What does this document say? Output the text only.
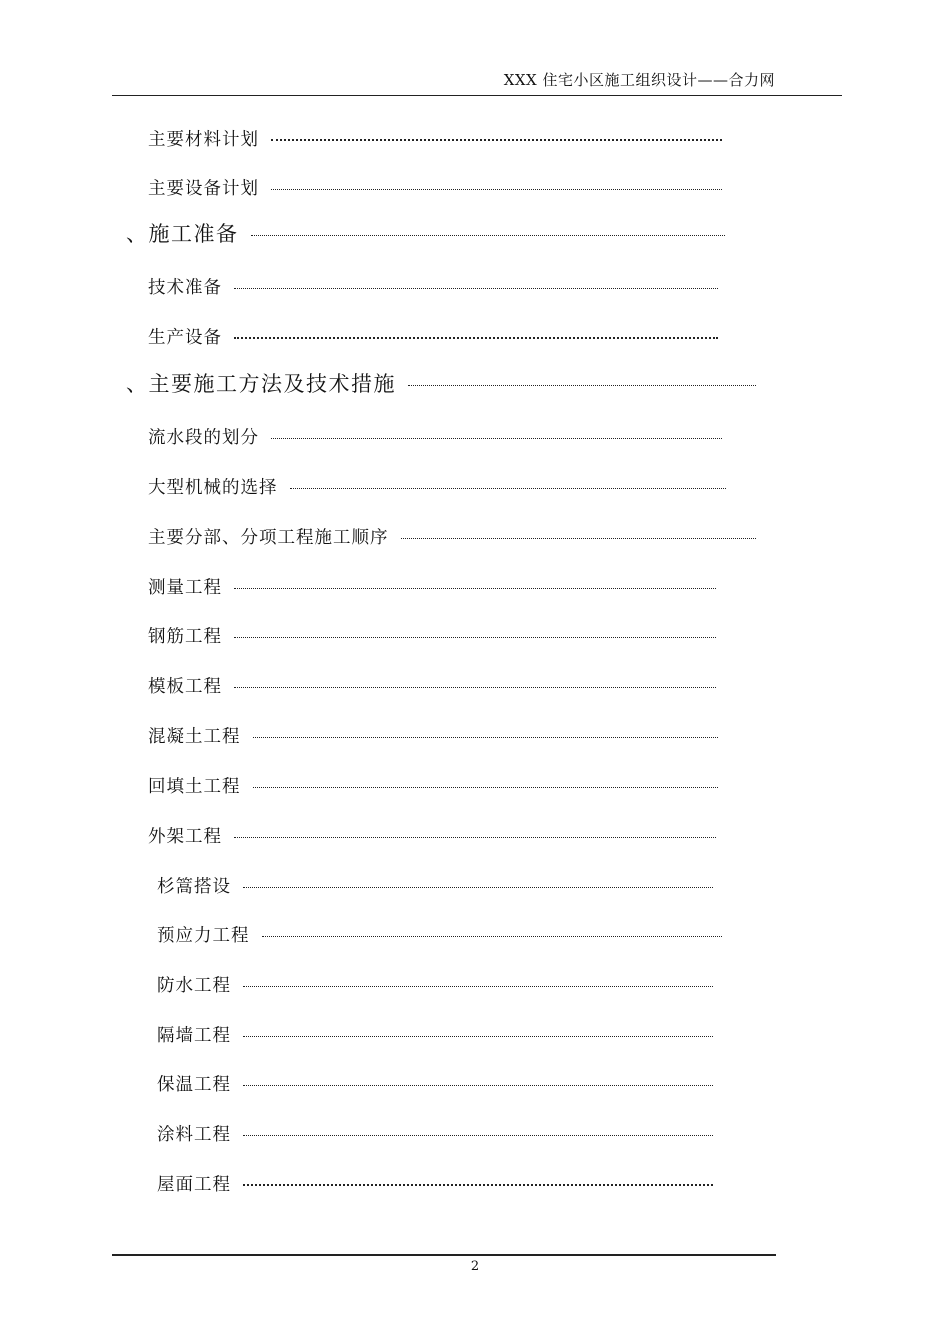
XXX 住宅小区施工组织设计——合力网
主要材料计划
主要设备计划
、施工准备
技术准备
生产设备
、主要施工方法及技术措施
流水段的划分
大型机械的选择
主要分部、分项工程施工顺序
测量工程
钢筋工程
模板工程
混凝土工程
回填土工程
外架工程
杉篙搭设
预应力工程
防水工程
隔墙工程
保温工程
涂料工程
屋面工程
2
